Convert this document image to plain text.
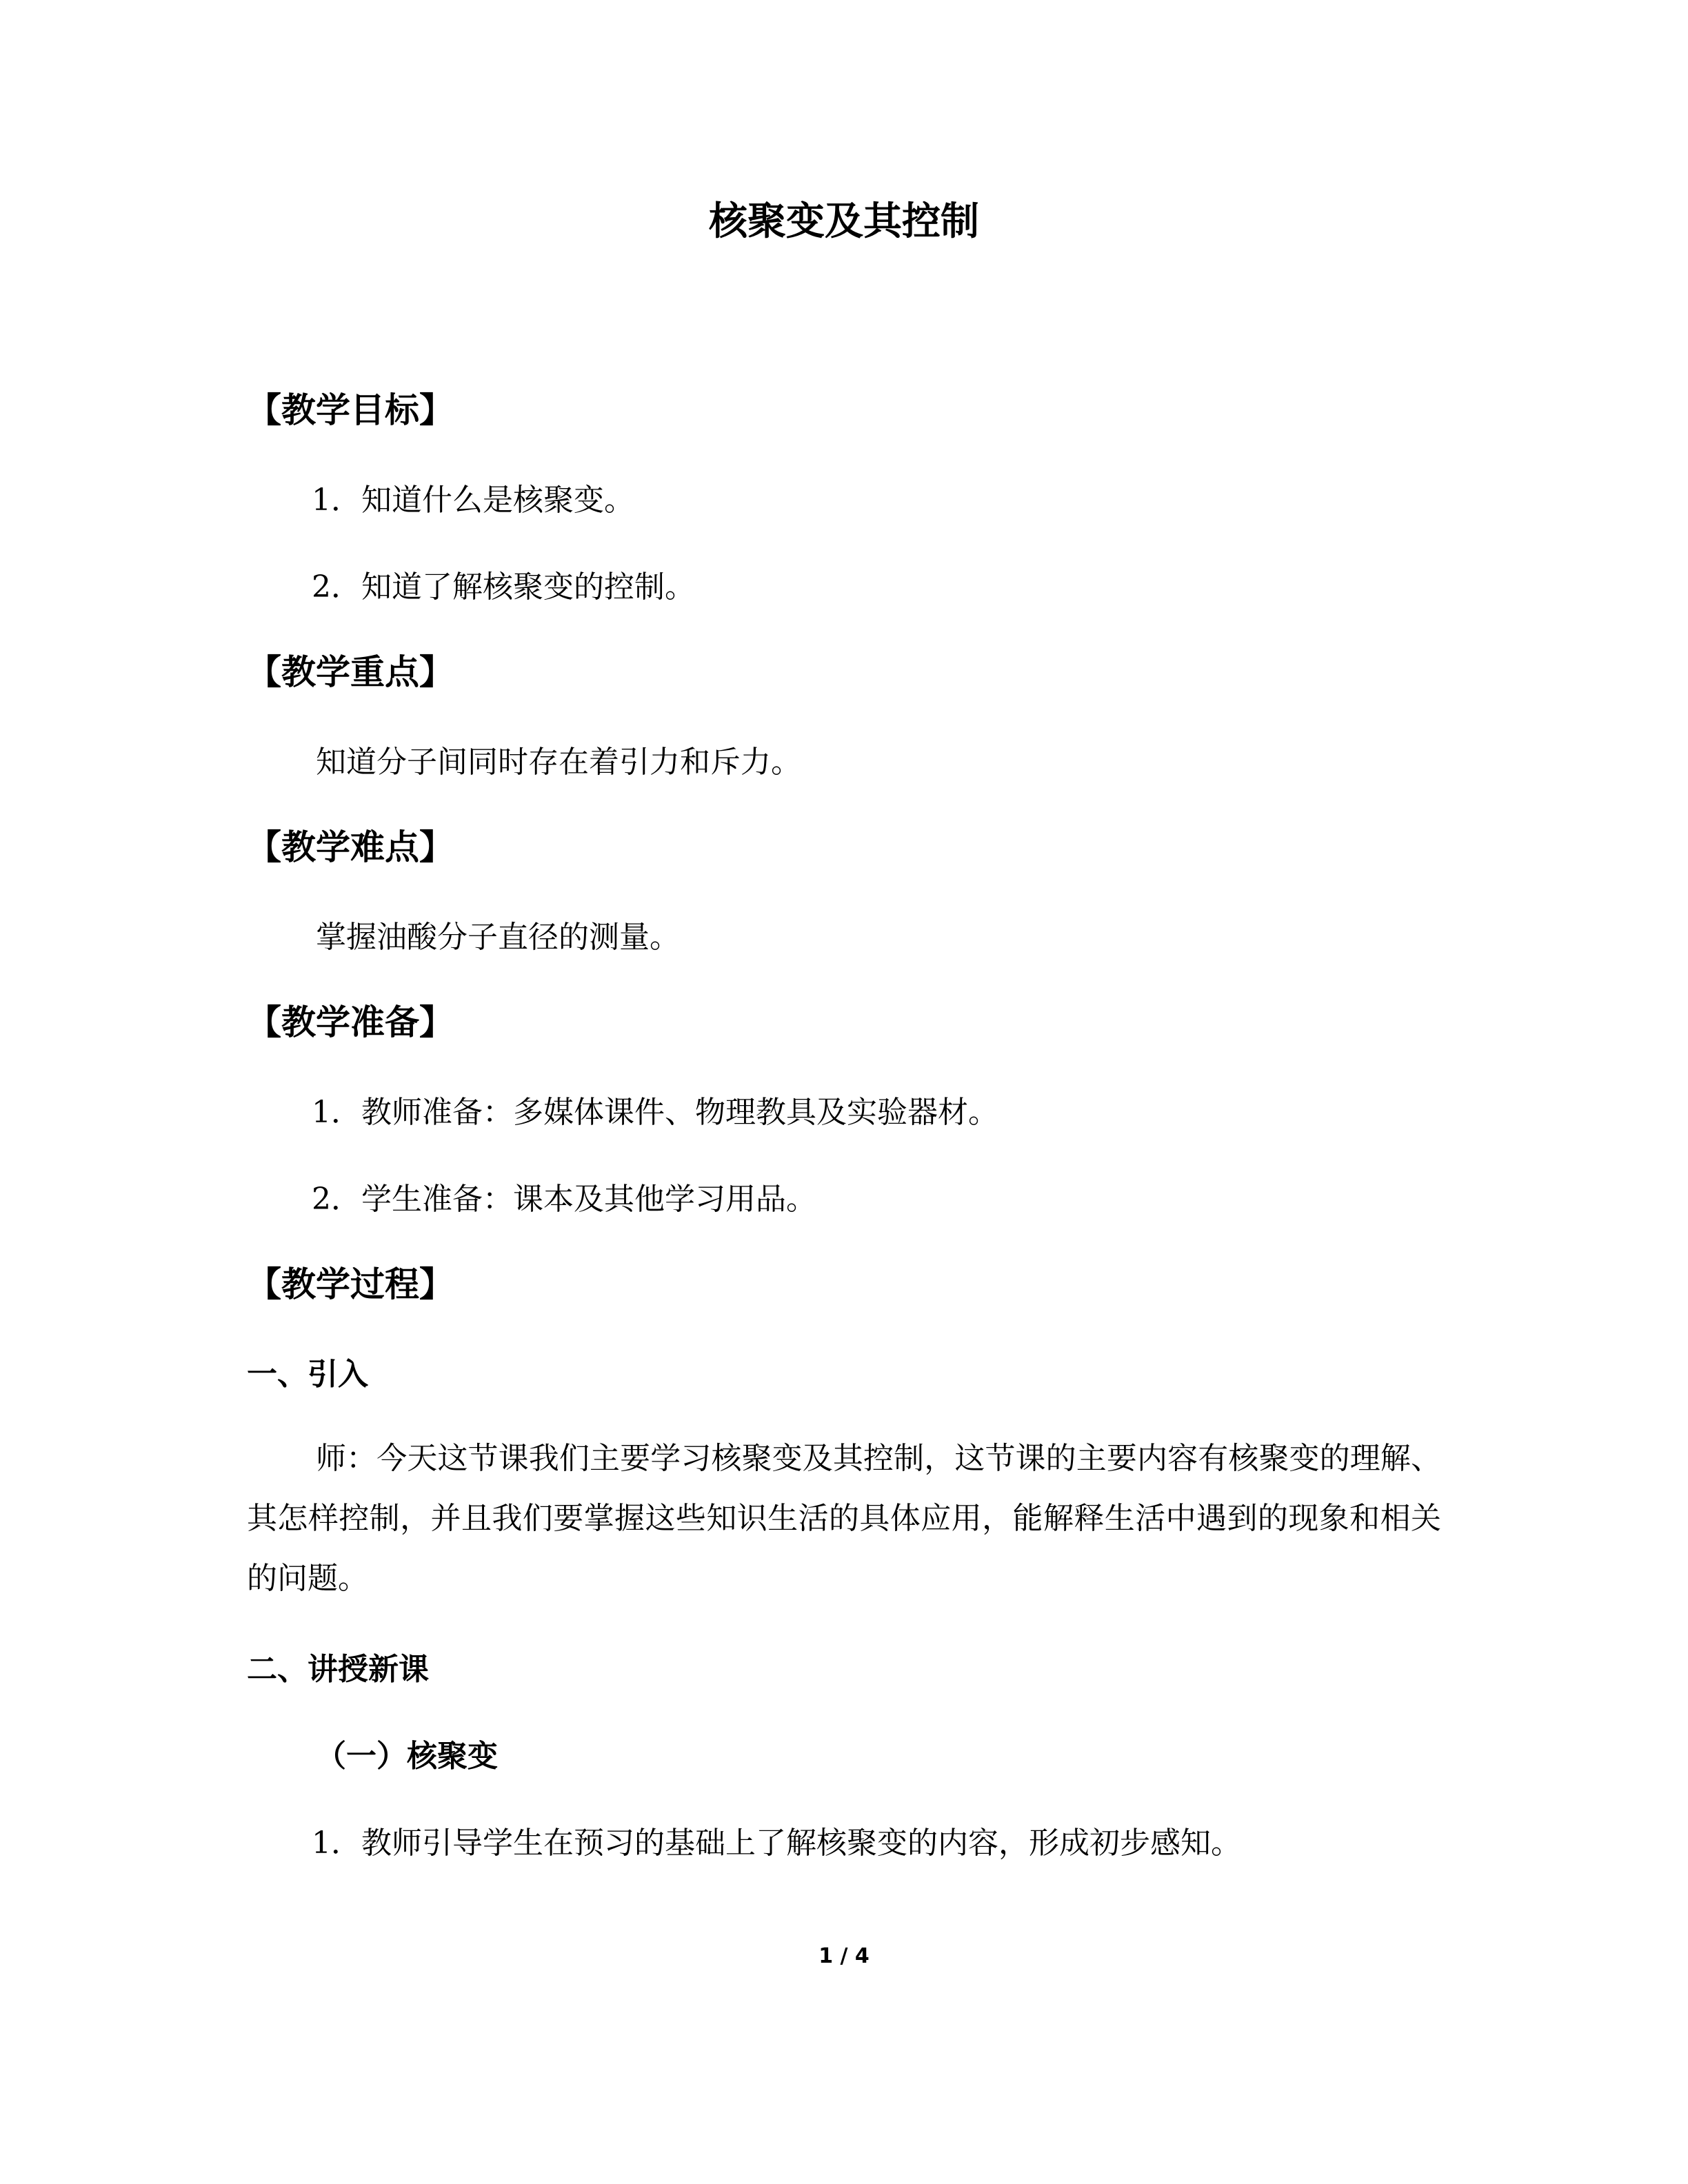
核聚变及其控制
【教学目标】

1．知道什么是核聚变。

2．知道了解核聚变的控制。

【教学重点】

知道分子间同时存在着引力和斥力。

【教学难点】

掌握油酸分子直径的测量。

【教学准备】

1．教师准备：多媒体课件、物理教具及实验器材。

2．学生准备：课本及其他学习用品。

【教学过程】
一、引入

师：今天这节课我们主要学习核聚变及其控制，这节课的主要内容有核聚变的理解、其怎样控制，并且我们要掌握这些知识生活的具体应用，能解释生活中遇到的现象和相关的问题。

二、讲授新课
（一）核聚变

1．教师引导学生在预习的基础上了解核聚变的内容，形成初步感知。

1 / 4
